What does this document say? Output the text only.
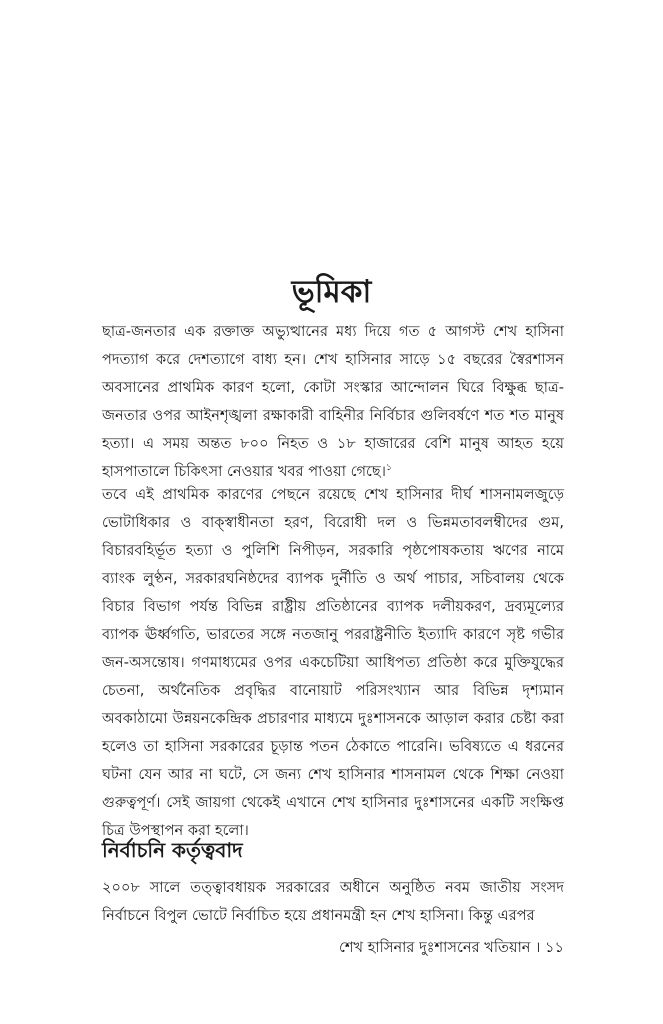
ভূমিকা

ছাত্র-জনতার এক রক্তাক্ত অভ্যুত্থানের মধ্য দিয়ে গত ৫ আগস্ট শেখ হাসিনা পদত্যাগ করে দেশত্যাগে বাধ্য হন। শেখ হাসিনার সাড়ে ১৫ বছরের স্বৈরশাসন অবসানের প্রাথমিক কারণ হলো, কোটা সংস্কার আন্দোলন ঘিরে বিক্ষুব্ধ ছাত্র-জনতার ওপর আইনশৃঙ্খলা রক্ষাকারী বাহিনীর নির্বিচার গুলিবর্ষণে শত শত মানুষ হত্যা। এ সময় অন্তত ৮০০ নিহত ও ১৮ হাজারের বেশি মানুষ আহত হয়ে হাসপাতালে চিকিৎসা নেওয়ার খবর পাওয়া গেছে।$^১$

তবে এই প্রাথমিক কারণের পেছনে রয়েছে শেখ হাসিনার দীর্ঘ শাসনামলজুড়ে ভোটাধিকার ও বাক্স্বাধীনতা হরণ, বিরোধী দল ও ভিন্নমতাবলম্বীদের গুম, বিচারবহির্ভূত হত্যা ও পুলিশি নিপীড়ন, সরকারি পৃষ্ঠপোষকতায় ঋণের নামে ব্যাংক লুণ্ঠন, সরকারঘনিষ্ঠদের ব্যাপক দুর্নীতি ও অর্থ পাচার, সচিবালয় থেকে বিচার বিভাগ পর্যন্ত বিভিন্ন রাষ্ট্রীয় প্রতিষ্ঠানের ব্যাপক দলীয়করণ, দ্রব্যমূল্যের ব্যাপক ঊর্ধ্বগতি, ভারতের সঙ্গে নতজানু পররাষ্ট্রনীতি ইত্যাদি কারণে সৃষ্ট গভীর জন-অসন্তোষ। গণমাধ্যমের ওপর একচেটিয়া আধিপত্য প্রতিষ্ঠা করে মুক্তিযুদ্ধের চেতনা, অর্থনৈতিক প্রবৃদ্ধির বানোয়াট পরিসংখ্যান আর বিভিন্ন দৃশ্যমান অবকাঠামো উন্নয়নকেন্দ্রিক প্রচারণার মাধ্যমে দুঃশাসনকে আড়াল করার চেষ্টা করা হলেও তা হাসিনা সরকারের চূড়ান্ত পতন ঠেকাতে পারেনি। ভবিষ্যতে এ ধরনের ঘটনা যেন আর না ঘটে, সে জন্য শেখ হাসিনার শাসনামল থেকে শিক্ষা নেওয়া গুরুত্বপূর্ণ। সেই জায়গা থেকেই এখানে শেখ হাসিনার দুঃশাসনের একটি সংক্ষিপ্ত চিত্র উপস্থাপন করা হলো।

নির্বাচনি কর্তৃত্ববাদ

২০০৮ সালে তত্ত্বাবধায়ক সরকারের অধীনে অনুষ্ঠিত নবম জাতীয় সংসদ নির্বাচনে বিপুল ভোটে নির্বাচিত হয়ে প্রধানমন্ত্রী হন শেখ হাসিনা। কিন্তু এরপর

শেখ হাসিনার দুঃশাসনের খতিয়ান । ১১
